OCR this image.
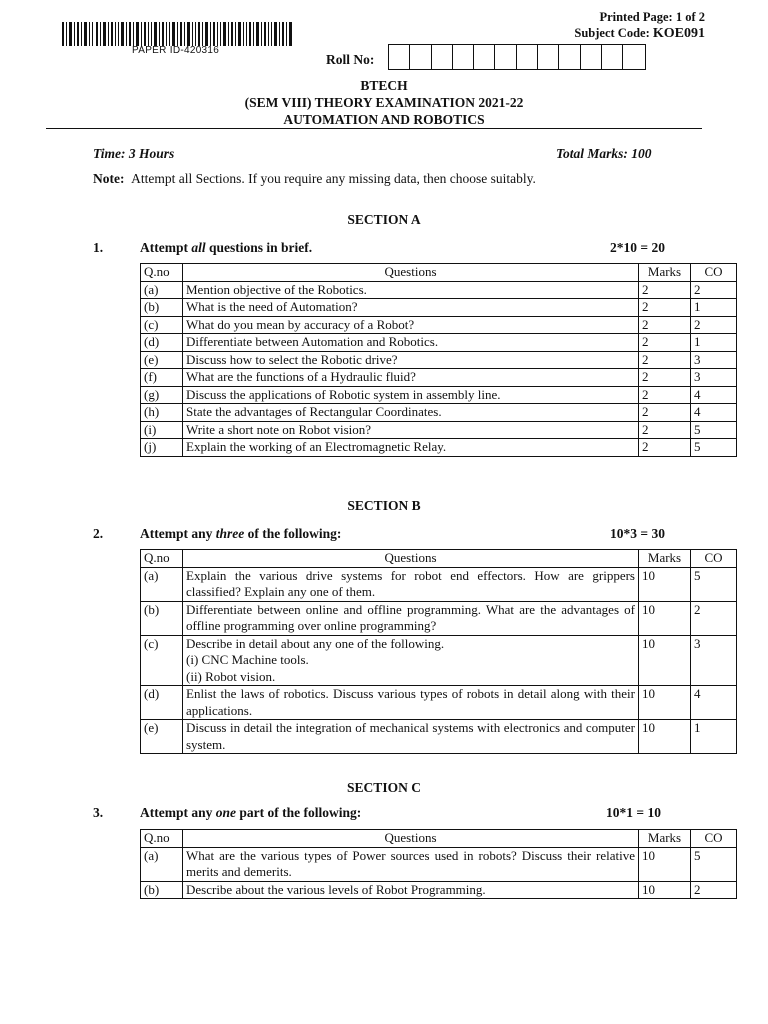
PAPER ID-420316
Printed Page: 1 of 2
Subject Code: KOE091
Roll No:
BTECH
(SEM VIII) THEORY EXAMINATION 2021-22
AUTOMATION AND ROBOTICS
Time: 3 Hours	Total Marks: 100
Note: Attempt all Sections. If you require any missing data, then choose suitably.
SECTION A
1.	Attempt all questions in brief.	2*10 = 20
Q.no	Questions	Marks	CO
(a)	Mention objective of the Robotics.	2	2
(b)	What is the need of Automation?	2	1
(c)	What do you mean by accuracy of a Robot?	2	2
(d)	Differentiate between Automation and Robotics.	2	1
(e)	Discuss how to select the Robotic drive?	2	3
(f)	What are the functions of a Hydraulic fluid?	2	3
(g)	Discuss the applications of Robotic system in assembly line.	2	4
(h)	State the advantages of Rectangular Coordinates.	2	4
(i)	Write a short note on Robot vision?	2	5
(j)	Explain the working of an Electromagnetic Relay.	2	5
SECTION B
2.	Attempt any three of the following:	10*3 = 30
Q.no	Questions	Marks	CO
(a)	Explain the various drive systems for robot end effectors. How are grippers classified? Explain any one of them.	10	5
(b)	Differentiate between online and offline programming. What are the advantages of offline programming over online programming?	10	2
(c)	Describe in detail about any one of the following.
(i) CNC Machine tools.
(ii) Robot vision.	10	3
(d)	Enlist the laws of robotics. Discuss various types of robots in detail along with their applications.	10	4
(e)	Discuss in detail the integration of mechanical systems with electronics and computer system.	10	1
SECTION C
3.	Attempt any one part of the following:	10*1 = 10
Q.no	Questions	Marks	CO
(a)	What are the various types of Power sources used in robots? Discuss their relative merits and demerits.	10	5
(b)	Describe about the various levels of Robot Programming.	10	2
